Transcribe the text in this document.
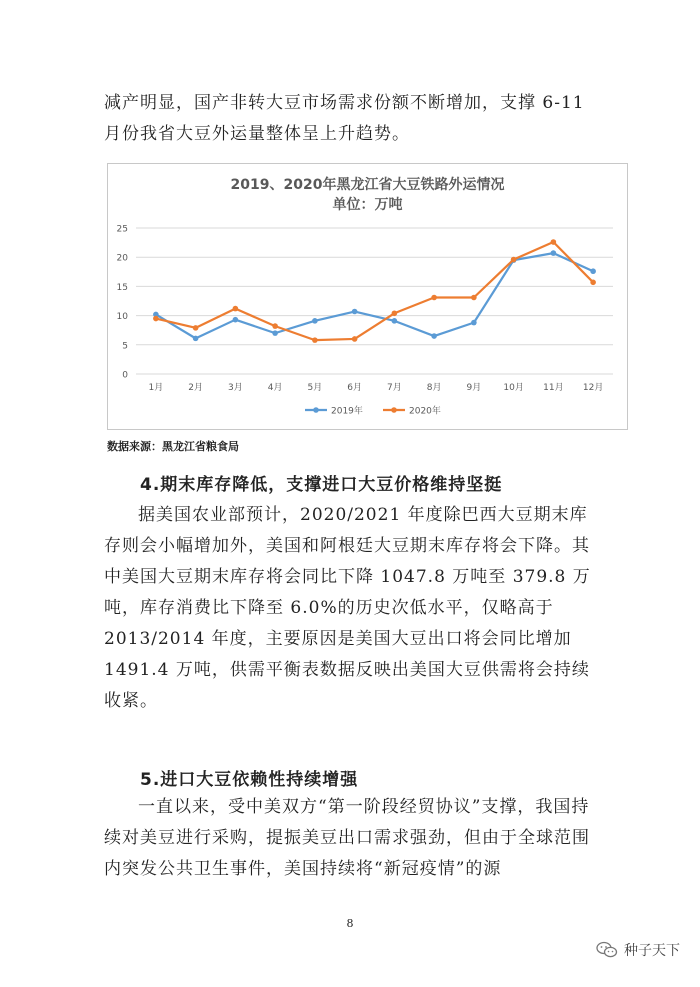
减产明显，国产非转大豆市场需求份额不断增加，支撑 6-11 月份我省大豆外运量整体呈上升趋势。

2019、2020年黑龙江省大豆铁路外运情况
单位：万吨
0
5
10
15
20
25
1月	2月	3月	4月	5月	6月	7月	8月	9月 10月 11月 12月
2019年	2020年
数据来源：黑龙江省粮食局
4.期末库存降低，支撑进口大豆价格维持坚挺

据美国农业部预计，2020/2021 年度除巴西大豆期末库存则会小幅增加外，美国和阿根廷大豆期末库存将会下降。其中美国大豆期末库存将会同比下降 1047.8 万吨至 379.8 万吨，库存消费比下降至 6.0%的历史次低水平，仅略高于 2013/2014 年度，主要原因是美国大豆出口将会同比增加 1491.4 万吨，供需平衡表数据反映出美国大豆供需将会持续收紧。

5.进口大豆依赖性持续增强

一直以来，受中美双方“第一阶段经贸协议”支撑，我国持续对美豆进行采购，提振美豆出口需求强劲，但由于全球范围内突发公共卫生事件，美国持续将“新冠疫情”的源

8
种子天下
